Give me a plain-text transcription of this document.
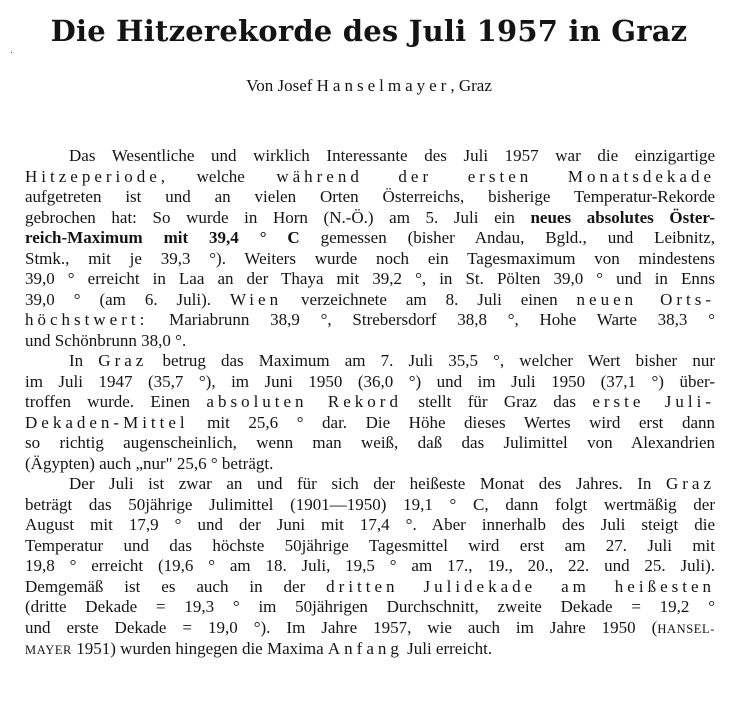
Die Hitzerekorde des Juli 1957 in Graz
Von Josef Hanselmayer, Graz
Das Wesentliche und wirklich Interessante des Juli 1957 war die einzigartige
Hitzeperiode, welche während der ersten Monatsdekade
aufgetreten ist und an vielen Orten Österreichs, bisherige Temperatur-Rekorde
gebrochen hat: So wurde in Horn (N.-Ö.) am 5. Juli ein neues absolutes Öster-
reich-Maximum mit 39,4 ° C gemessen (bisher Andau, Bgld., und Leibnitz,
Stmk., mit je 39,3 °). Weiters wurde noch ein Tagesmaximum von mindestens
39,0 ° erreicht in Laa an der Thaya mit 39,2 °, in St. Pölten 39,0 ° und in Enns
39,0 ° (am 6. Juli). Wien verzeichnete am 8. Juli einen neuen Orts-
höchstwert: Mariabrunn 38,9 °, Strebersdorf 38,8 °, Hohe Warte 38,3 °
und Schönbrunn 38,0 °.
In Graz betrug das Maximum am 7. Juli 35,5 °, welcher Wert bisher nur
im Juli 1947 (35,7 °), im Juni 1950 (36,0 °) und im Juli 1950 (37,1 °) über-
troffen wurde. Einen absoluten Rekord stellt für Graz das erste Juli-
Dekaden-Mittel mit 25,6 ° dar. Die Höhe dieses Wertes wird erst dann
so richtig augenscheinlich, wenn man weiß, daß das Julimittel von Alexandrien
(Ägypten) auch „nur" 25,6 ° beträgt.
Der Juli ist zwar an und für sich der heißeste Monat des Jahres. In Graz
beträgt das 50jährige Julimittel (1901—1950) 19,1 ° C, dann folgt wertmäßig der
August mit 17,9 ° und der Juni mit 17,4 °. Aber innerhalb des Juli steigt die
Temperatur und das höchste 50jährige Tagesmittel wird erst am 27. Juli mit
19,8 ° erreicht (19,6 ° am 18. Juli, 19,5 ° am 17., 19., 20., 22. und 25. Juli).
Demgemäß ist es auch in der dritten Julidekade am heißesten
(dritte Dekade = 19,3 ° im 50jährigen Durchschnitt, zweite Dekade = 19,2 °
und erste Dekade = 19,0 °). Im Jahre 1957, wie auch im Jahre 1950 (HANSEL-
MAYER 1951) wurden hingegen die Maxima Anfang Juli erreicht.
·
